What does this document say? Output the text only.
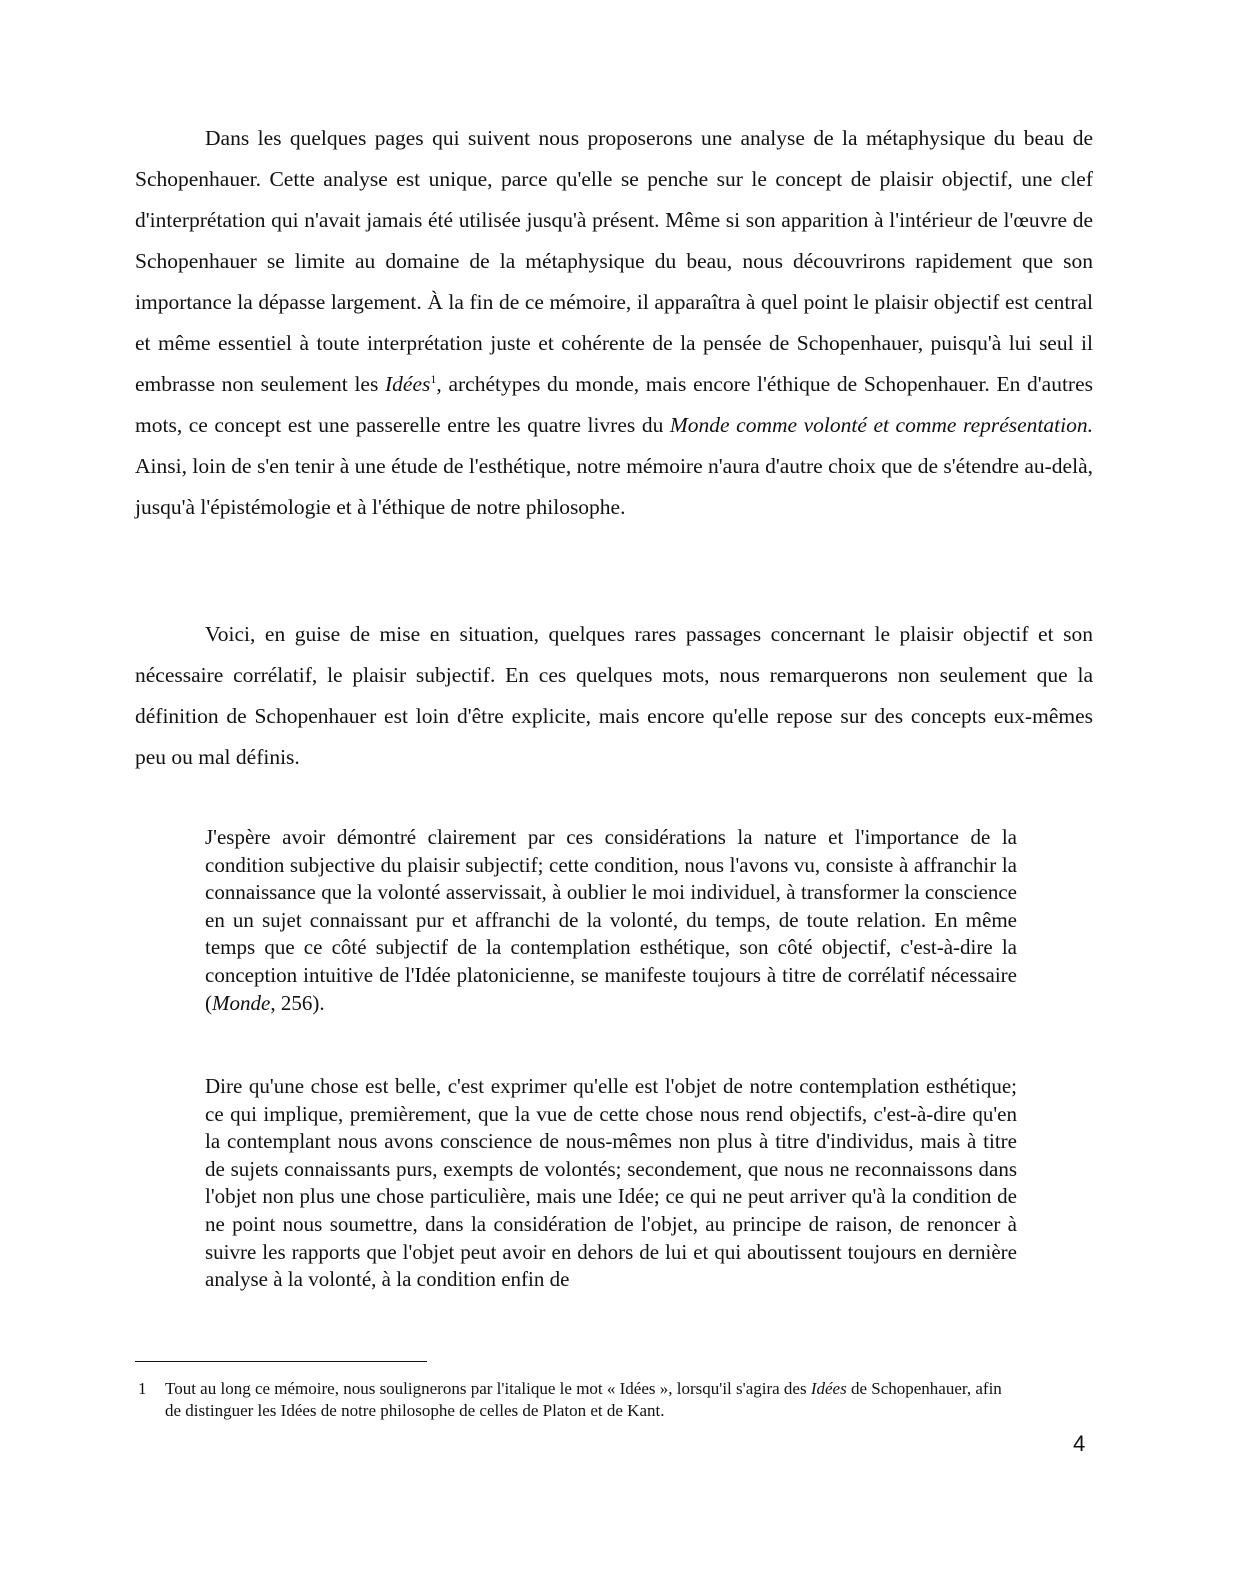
Dans les quelques pages qui suivent nous proposerons une analyse de la métaphysique du beau de Schopenhauer. Cette analyse est unique, parce qu'elle se penche sur le concept de plaisir objectif, une clef d'interprétation qui n'avait jamais été utilisée jusqu'à présent. Même si son apparition à l'intérieur de l'œuvre de Schopenhauer se limite au domaine de la métaphysique du beau, nous découvrirons rapidement que son importance la dépasse largement. À la fin de ce mémoire, il apparaîtra à quel point le plaisir objectif est central et même essentiel à toute interprétation juste et cohérente de la pensée de Schopenhauer, puisqu'à lui seul il embrasse non seulement les Idées$^1$, archétypes du monde, mais encore l'éthique de Schopenhauer. En d'autres mots, ce concept est une passerelle entre les quatre livres du Monde comme volonté et comme représentation. Ainsi, loin de s'en tenir à une étude de l'esthétique, notre mémoire n'aura d'autre choix que de s'étendre au-delà, jusqu'à l'épistémologie et à l'éthique de notre philosophe.

Voici, en guise de mise en situation, quelques rares passages concernant le plaisir objectif et son nécessaire corrélatif, le plaisir subjectif. En ces quelques mots, nous remarquerons non seulement que la définition de Schopenhauer est loin d'être explicite, mais encore qu'elle repose sur des concepts eux-mêmes peu ou mal définis.

J'espère avoir démontré clairement par ces considérations la nature et l'importance de la condition subjective du plaisir subjectif; cette condition, nous l'avons vu, consiste à affranchir la connaissance que la volonté asservissait, à oublier le moi individuel, à transformer la conscience en un sujet connaissant pur et affranchi de la volonté, du temps, de toute relation. En même temps que ce côté subjectif de la contemplation esthétique, son côté objectif, c'est-à-dire la conception intuitive de l'Idée platonicienne, se manifeste toujours à titre de corrélatif nécessaire (Monde, 256).

Dire qu'une chose est belle, c'est exprimer qu'elle est l'objet de notre contemplation esthétique; ce qui implique, premièrement, que la vue de cette chose nous rend objectifs, c'est-à-dire qu'en la contemplant nous avons conscience de nous-mêmes non plus à titre d'individus, mais à titre de sujets connaissants purs, exempts de volontés; secondement, que nous ne reconnaissons dans l'objet non plus une chose particulière, mais une Idée; ce qui ne peut arriver qu'à la condition de ne point nous soumettre, dans la considération de l'objet, au principe de raison, de renoncer à suivre les rapports que l'objet peut avoir en dehors de lui et qui aboutissent toujours en dernière analyse à la volonté, à la condition enfin de

1 Tout au long ce mémoire, nous soulignerons par l'italique le mot « Idées », lorsqu'il s'agira des Idées de Schopenhauer, afin de distinguer les Idées de notre philosophe de celles de Platon et de Kant.

4
